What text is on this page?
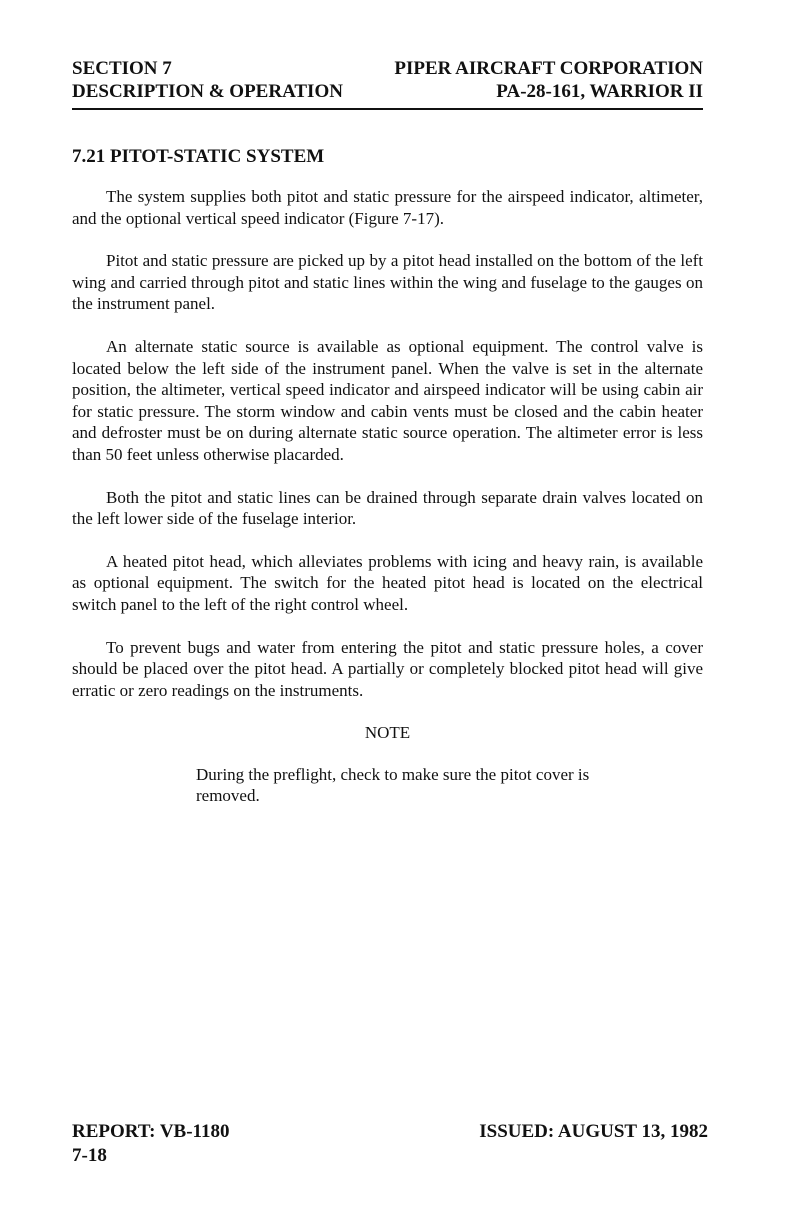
SECTION 7	PIPER AIRCRAFT CORPORATION
DESCRIPTION & OPERATION	PA-28-161, WARRIOR II
7.21 PITOT-STATIC SYSTEM

The system supplies both pitot and static pressure for the airspeed indicator, altimeter, and the optional vertical speed indicator (Figure 7-17).

Pitot and static pressure are picked up by a pitot head installed on the bottom of the left wing and carried through pitot and static lines within the wing and fuselage to the gauges on the instrument panel.

An alternate static source is available as optional equipment. The control valve is located below the left side of the instrument panel. When the valve is set in the alternate position, the altimeter, vertical speed indicator and airspeed indicator will be using cabin air for static pressure. The storm window and cabin vents must be closed and the cabin heater and defroster must be on during alternate static source operation. The altimeter error is less than 50 feet unless otherwise placarded.

Both the pitot and static lines can be drained through separate drain valves located on the left lower side of the fuselage interior.

A heated pitot head, which alleviates problems with icing and heavy rain, is available as optional equipment. The switch for the heated pitot head is located on the electrical switch panel to the left of the right control wheel.

To prevent bugs and water from entering the pitot and static pressure holes, a cover should be placed over the pitot head. A partially or completely blocked pitot head will give erratic or zero readings on the instruments.

NOTE

During the preflight, check to make sure the pitot cover is removed.

REPORT: VB-1180	ISSUED: AUGUST 13, 1982
7-18
